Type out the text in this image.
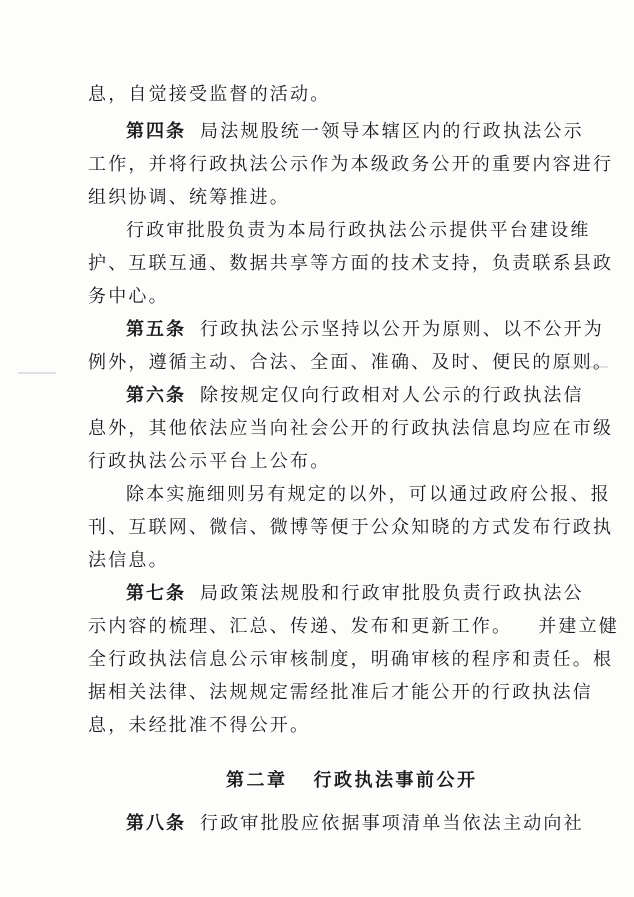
息，自觉接受监督的活动。
第四条 局法规股统一领导本辖区内的行政执法公示
工作，并将行政执法公示作为本级政务公开的重要内容进行
组织协调、统筹推进。
行政审批股负责为本局行政执法公示提供平台建设维
护、互联互通、数据共享等方面的技术支持，负责联系县政
务中心。
第五条 行政执法公示坚持以公开为原则、以不公开为
例外，遵循主动、合法、全面、准确、及时、便民的原则。
第六条 除按规定仅向行政相对人公示的行政执法信
息外，其他依法应当向社会公开的行政执法信息均应在市级
行政执法公示平台上公布。
除本实施细则另有规定的以外，可以通过政府公报、报
刊、互联网、微信、微博等便于公众知晓的方式发布行政执
法信息。
第七条 局政策法规股和行政审批股负责行政执法公
示内容的梳理、汇总、传递、发布和更新工作。 并建立健
全行政执法信息公示审核制度，明确审核的程序和责任。根
据相关法律、法规规定需经批准后才能公开的行政执法信
息，未经批准不得公开。
第二章 行政执法事前公开
第八条 行政审批股应依据事项清单当依法主动向社
